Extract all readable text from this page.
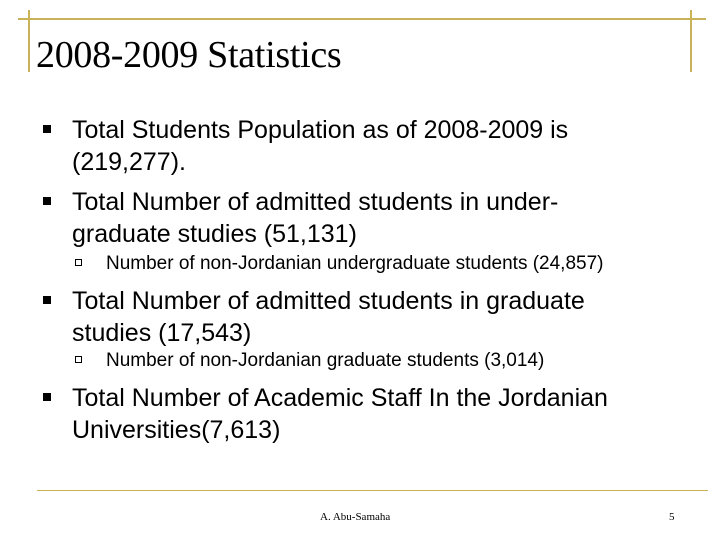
2008-2009 Statistics
Total Students Population as of 2008-2009 is
(219,277).
Total Number of admitted students in under-
graduate studies (51,131)
Number of non-Jordanian undergraduate students (24,857)
Total Number of admitted students in graduate
studies (17,543)
Number of non-Jordanian graduate students (3,014)
Total Number of Academic Staff In the Jordanian
Universities(7,613)
A. Abu-Samaha	5
